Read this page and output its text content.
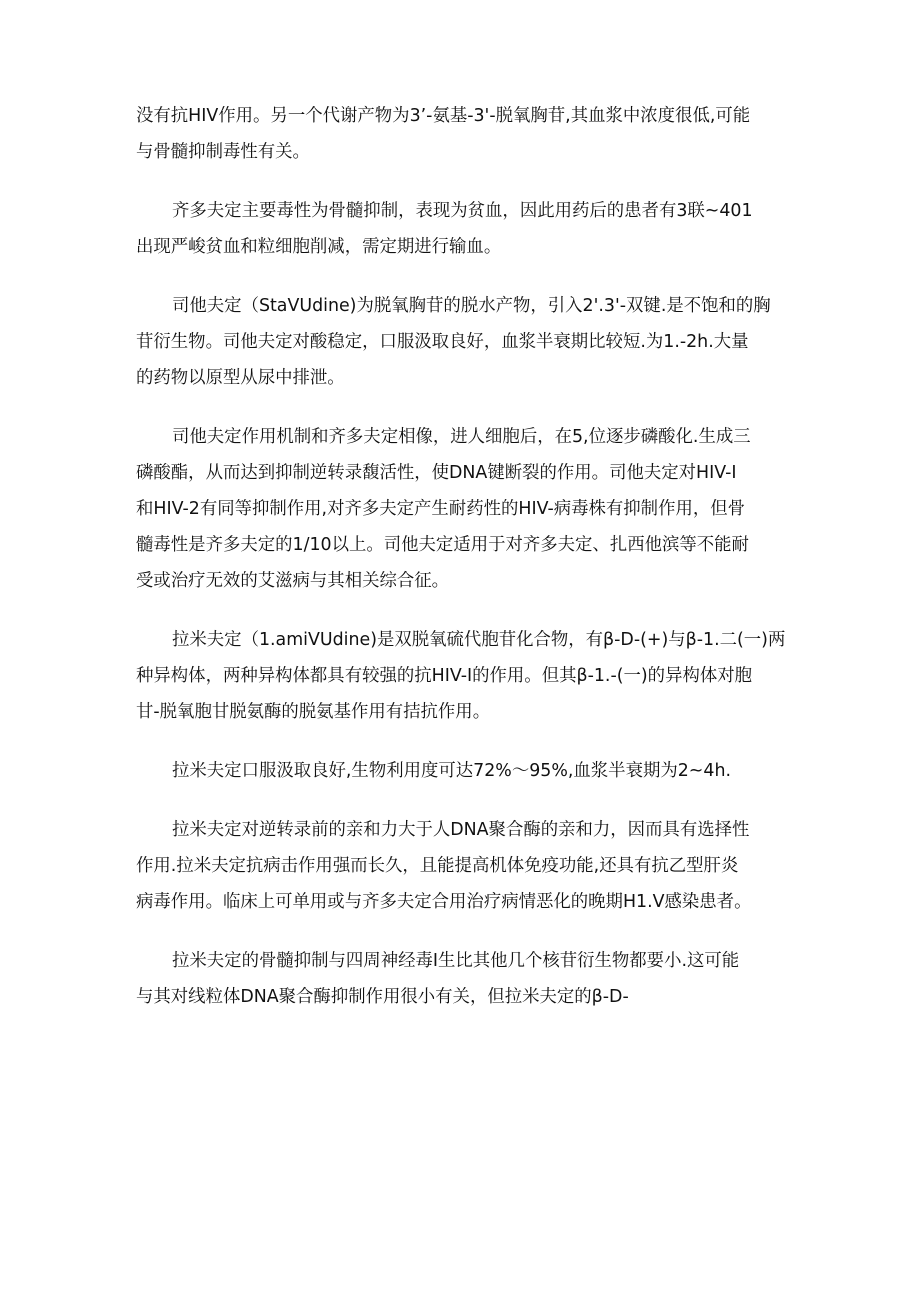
没有抗HIV作用。另一个代谢产物为3’-氨基-3'-脱氧胸苷,其血浆中浓度很低,可能
与骨髓抑制毒性有关。
齐多夫定主要毒性为骨髓抑制，表现为贫血，因此用药后的患者有3联~401
出现严峻贫血和粒细胞削减，需定期进行输血。
司他夫定（StaVUdine)为脱氧胸苷的脱水产物，引入2'.3'-双键.是不饱和的胸
苷衍生物。司他夫定对酸稳定，口服汲取良好，血浆半衰期比较短.为1.-2h.大量
的药物以原型从尿中排泄。
司他夫定作用机制和齐多夫定相像，进人细胞后，在5,位逐步磷酸化.生成三
磷酸酯，从而达到抑制逆转录馥活性，使DNA键断裂的作用。司他夫定对HIV-I
和HIV-2有同等抑制作用,对齐多夫定产生耐药性的HIV-病毒株有抑制作用，但骨
髓毒性是齐多夫定的1/10以上。司他夫定适用于对齐多夫定、扎西他滨等不能耐
受或治疗无效的艾滋病与其相关综合征。
拉米夫定（1.amiVUdine)是双脱氧硫代胞苷化合物，有β-D-(+)与β-1.二(一)两
种异构体，两种异构体都具有较强的抗HIV-I的作用。但其β-1.-(一)的异构体对胞
甘-脱氧胞甘脱氨酶的脱氨基作用有拮抗作用。
拉米夫定口服汲取良好,生物利用度可达72%～95%,血浆半衰期为2~4h.
拉米夫定对逆转录前的亲和力大于人DNA聚合酶的亲和力，因而具有选择性
作用.拉米夫定抗病击作用强而长久，且能提高机体免疫功能,还具有抗乙型肝炎
病毒作用。临床上可单用或与齐多夫定合用治疗病情恶化的晚期H1.V感染患者。
拉米夫定的骨髓抑制与四周神经毒I生比其他几个核苷衍生物都要小.这可能
与其对线粒体DNA聚合酶抑制作用很小有关，但拉米夫定的β-D-
